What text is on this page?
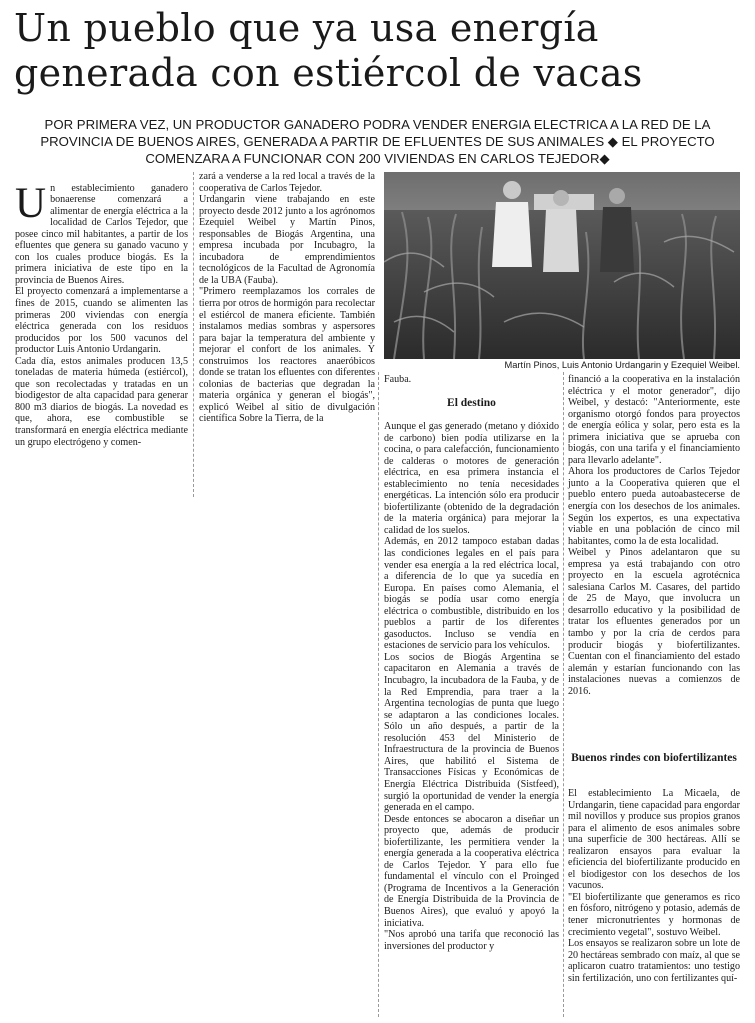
Un pueblo que ya usa energía generada con estiércol de vacas
POR PRIMERA VEZ, UN PRODUCTOR GANADERO PODRA VENDER ENERGIA ELECTRICA A LA RED DE LA PROVINCIA DE BUENOS AIRES, GENERADA A PARTIR DE EFLUENTES DE SUS ANIMALES ◆ EL PROYECTO COMENZARA A FUNCIONAR CON 200 VIVIENDAS EN CARLOS TEJEDOR◆

Un establecimiento ganadero bonaerense comenzará a alimentar de energía eléctrica a la localidad de Carlos Tejedor, que posee cinco mil habitantes, a partir de los efluentes que genera su ganado vacuno y con los cuales produce biogás. Es la primera iniciativa de este tipo en la provincia de Buenos Aires.
El proyecto comenzará a implementarse a fines de 2015, cuando se alimenten las primeras 200 viviendas con energía eléctrica generada con los residuos producidos por los 500 vacunos del productor Luis Antonio Urdangarin.
Cada día, estos animales producen 13,5 toneladas de materia húmeda (estiércol), que son recolectadas y tratadas en un biodigestor de alta capacidad para generar 800 m3 diarios de biogás. La novedad es que, ahora, ese combustible se transformará en energía eléctrica mediante un grupo electrógeno y comen-

zará a venderse a la red local a través de la cooperativa de Carlos Tejedor.
Urdangarin viene trabajando en este proyecto desde 2012 junto a los agrónomos Ezequiel Weibel y Martín Pinos, responsables de Biogás Argentina, una empresa incubada por Incubagro, la incubadora de emprendimientos tecnológicos de la Facultad de Agronomía de la UBA (Fauba).
"Primero reemplazamos los corrales de tierra por otros de hormigón para recolectar el estiércol de manera eficiente. También instalamos medias sombras y aspersores para bajar la temperatura del ambiente y mejorar el confort de los animales. Y construimos los reactores anaeróbicos donde se tratan los efluentes con diferentes colonias de bacterias que degradan la materia orgánica y generan el biogás", explicó Weibel al sitio de divulgación científica Sobre la Tierra, de la
Martín Pinos, Luis Antonio Urdangarin y Ezequiel Weibel.
Fauba.
El destino
Aunque el gas generado (metano y dióxido de carbono) bien podía utilizarse en la cocina, o para calefacción, funcionamiento de calderas o motores de generación eléctrica, en esa primera instancia el establecimiento no tenía necesidades energéticas. La intención sólo era producir biofertilizante (obtenido de la degradación de la materia orgánica) para mejorar la calidad de los suelos.
Además, en 2012 tampoco estaban dadas las condiciones legales en el país para vender esa energía a la red eléctrica local, a diferencia de lo que ya sucedía en Europa. En países como Alemania, el biogás se podía usar como energía eléctrica o combustible, distribuido en los pueblos a partir de los diferentes gasoductos. Incluso se vendía en estaciones de servicio para los vehículos.
Los socios de Biogás Argentina se capacitaron en Alemania a través de Incubagro, la incubadora de la Fauba, y de la Red Emprendia, para traer a la Argentina tecnologías de punta que luego se adaptaron a las condiciones locales. Sólo un año después, a partir de la resolución 453 del Ministerio de Infraestructura de la provincia de Buenos Aires, que habilitó el Sistema de Transacciones Físicas y Económicas de Energía Eléctrica Distribuida (Sistfeed), surgió la oportunidad de vender la energía generada en el campo.
Desde entonces se abocaron a diseñar un proyecto que, además de producir biofertilizante, les permitiera vender la energía generada a la cooperativa eléctrica de Carlos Tejedor. Y para ello fue fundamental el vínculo con el Proinged (Programa de Incentivos a la Generación de Energía Distribuida de la Provincia de Buenos Aires), que evaluó y apoyó la iniciativa.
"Nos aprobó una tarifa que reconoció las inversiones del productor y
financió a la cooperativa en la instalación eléctrica y el motor generador", dijo Weibel, y destacó: "Anteriormente, este organismo otorgó fondos para proyectos de energía eólica y solar, pero esta es la primera iniciativa que se aprueba con biogás, con una tarifa y el financiamiento para llevarlo adelante".
Ahora los productores de Carlos Tejedor junto a la Cooperativa quieren que el pueblo entero pueda autoabastecerse de energía con los desechos de los animales. Según los expertos, es una expectativa viable en una población de cinco mil habitantes, como la de esta localidad.
Weibel y Pinos adelantaron que su empresa ya está trabajando con otro proyecto en la escuela agrotécnica salesiana Carlos M. Casares, del partido de 25 de Mayo, que involucra un desarrollo educativo y la posibilidad de tratar los efluentes generados por un tambo y por la cría de cerdos para producir biogás y biofertilizantes. Cuentan con el financiamiento del estado alemán y estarían funcionando con las instalaciones nuevas a comienzos de 2016.
Buenos rindes con biofertilizantes
El establecimiento La Micaela, de Urdangarin, tiene capacidad para engordar mil novillos y produce sus propios granos para el alimento de esos animales sobre una superficie de 300 hectáreas. Allí se realizaron ensayos para evaluar la eficiencia del biofertilizante producido en el biodigestor con los desechos de los vacunos.
"El biofertilizante que generamos es rico en fósforo, nitrógeno y potasio, además de tener micronutrientes y hormonas de crecimiento vegetal", sostuvo Weibel.
Los ensayos se realizaron sobre un lote de 20 hectáreas sembrado con maíz, al que se aplicaron cuatro tratamientos: uno testigo sin fertilización, uno con fertilizantes quí-
